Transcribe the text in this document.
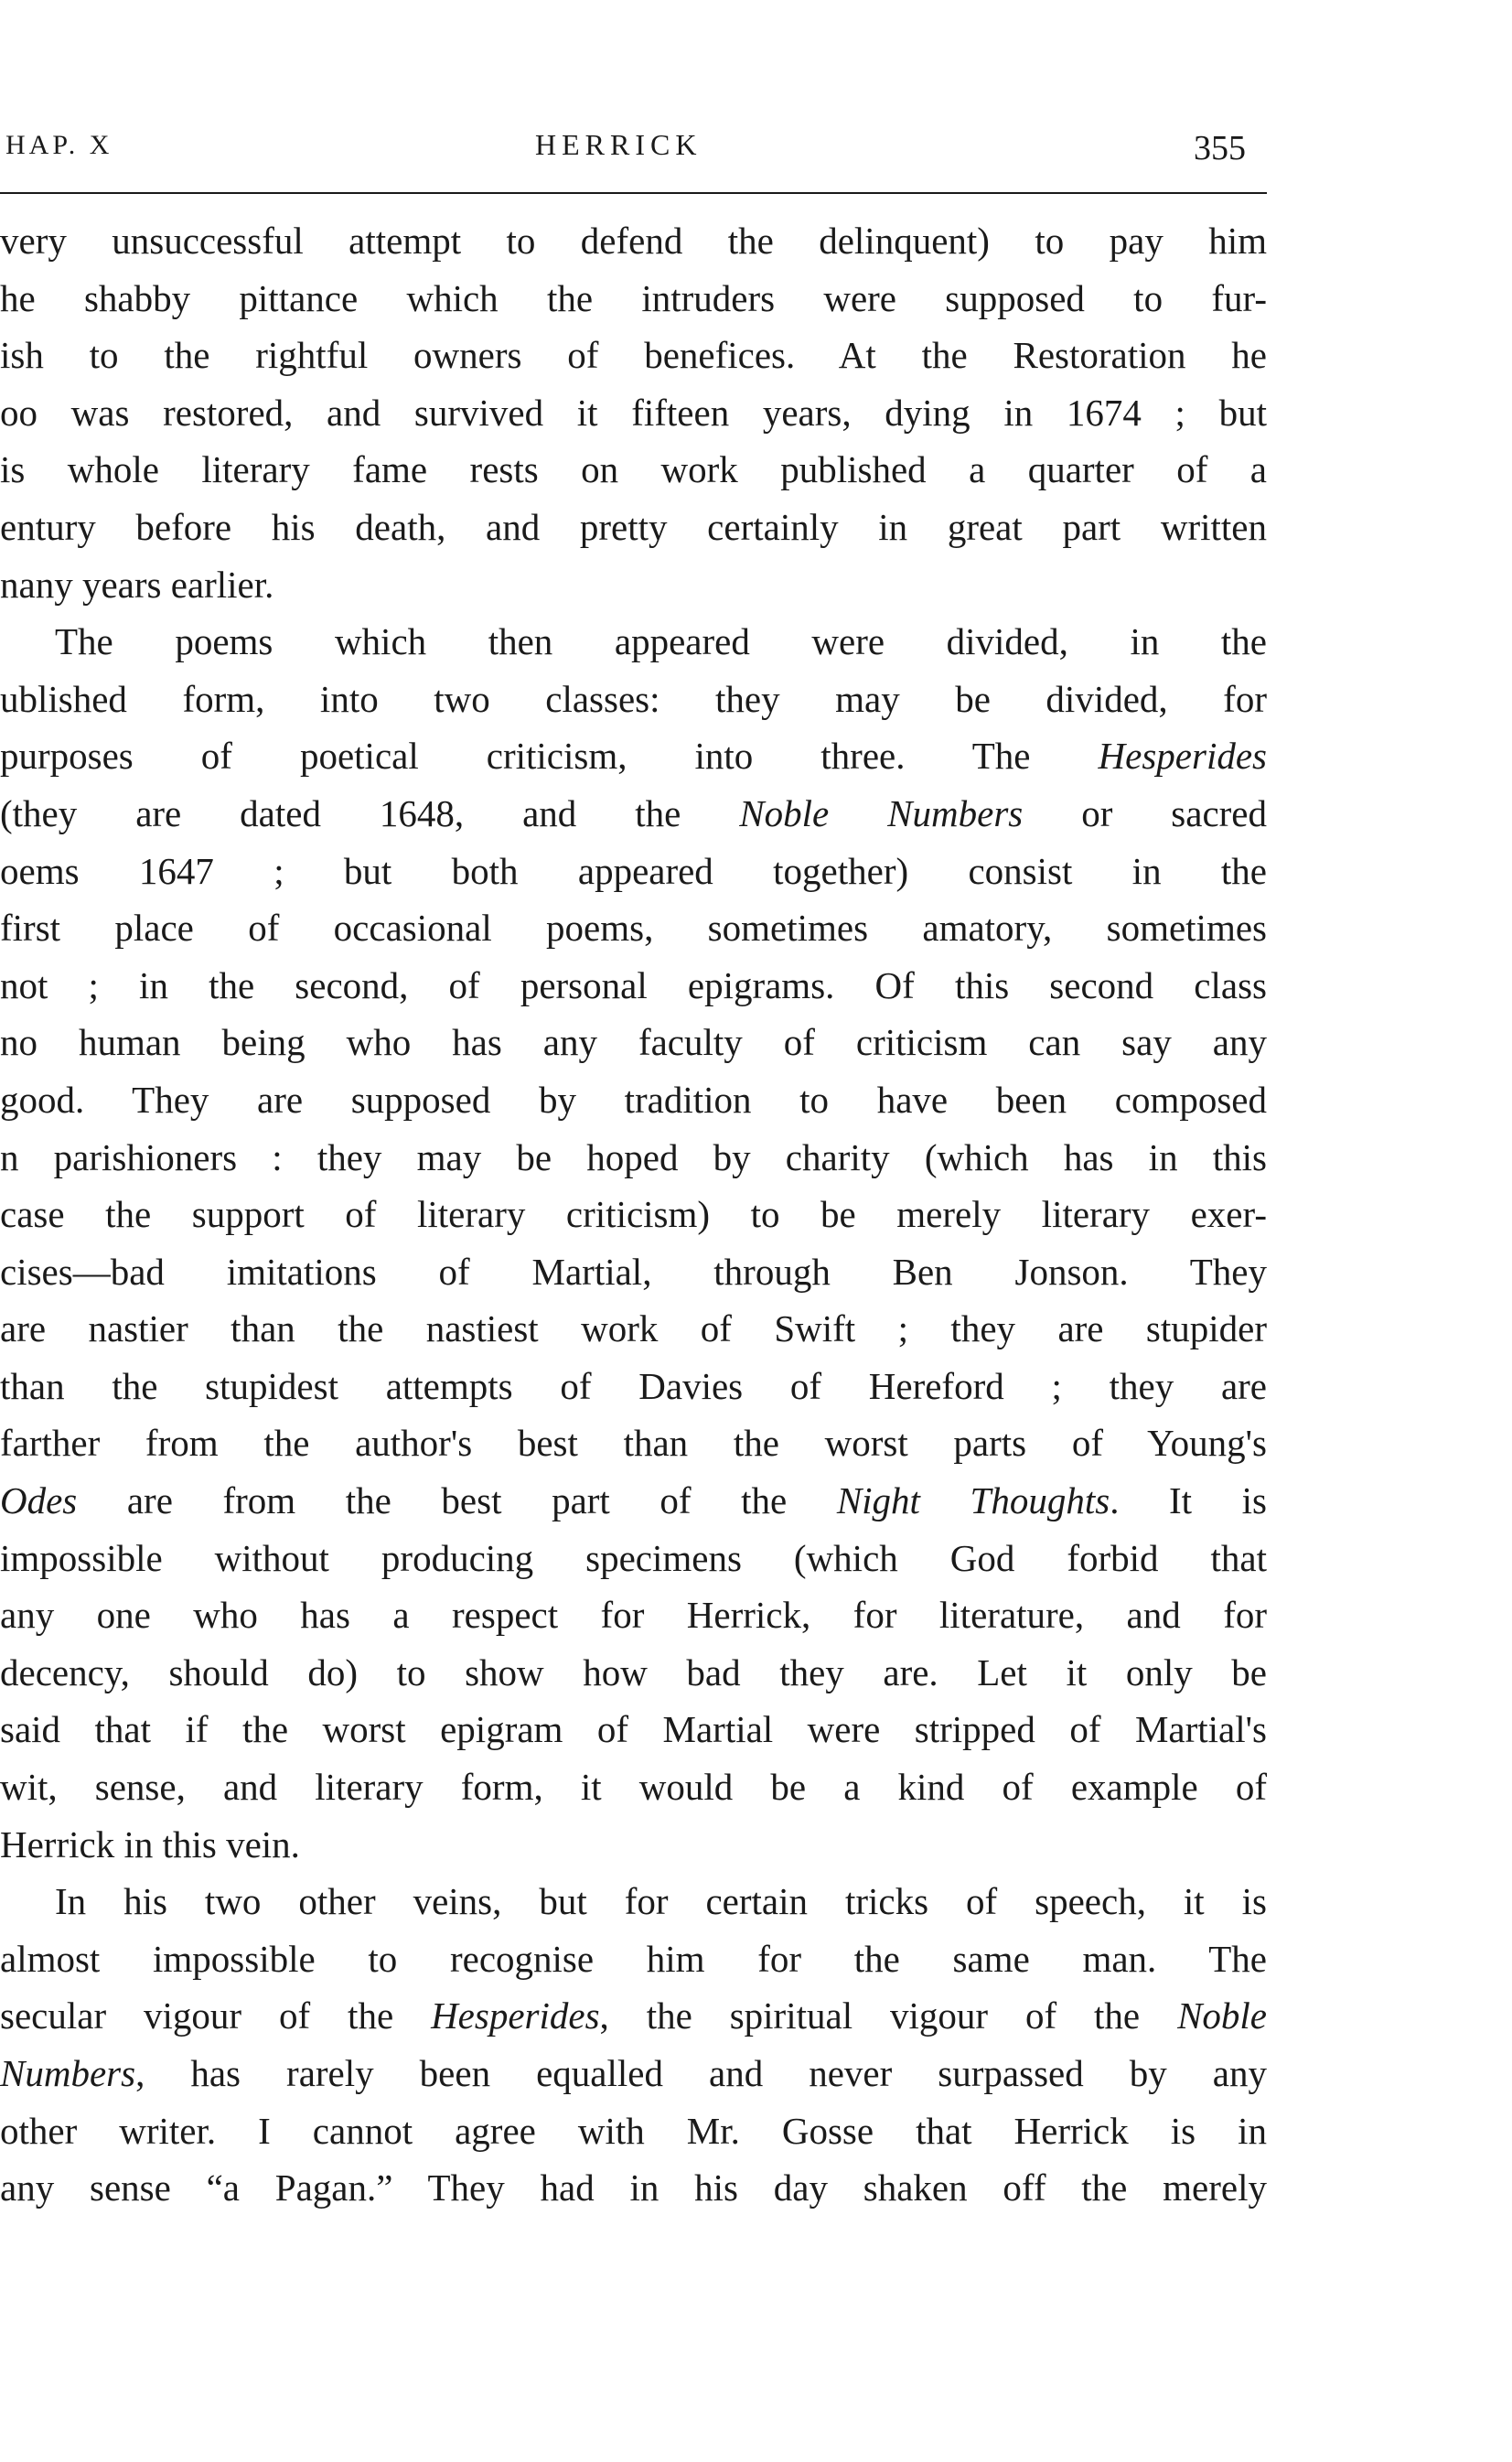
HAP. X	HERRICK	355
very unsuccessful attempt to defend the delinquent) to pay him
he shabby pittance which the intruders were supposed to fur-
ish to the rightful owners of benefices. At the Restoration he
oo was restored, and survived it fifteen years, dying in 1674 ; but
is whole literary fame rests on work published a quarter of a
entury before his death, and pretty certainly in great part written
nany years earlier.
The poems which then appeared were divided, in the
ublished form, into two classes: they may be divided, for
purposes of poetical criticism, into three. The Hesperides
(they are dated 1648, and the Noble Numbers or sacred
oems 1647 ; but both appeared together) consist in the
first place of occasional poems, sometimes amatory, sometimes
not ; in the second, of personal epigrams. Of this second class
no human being who has any faculty of criticism can say any
good. They are supposed by tradition to have been composed
n parishioners : they may be hoped by charity (which has in this
case the support of literary criticism) to be merely literary exer-
cises—bad imitations of Martial, through Ben Jonson. They
are nastier than the nastiest work of Swift ; they are stupider
than the stupidest attempts of Davies of Hereford ; they are
farther from the author's best than the worst parts of Young's
Odes are from the best part of the Night Thoughts. It is
impossible without producing specimens (which God forbid that
any one who has a respect for Herrick, for literature, and for
decency, should do) to show how bad they are. Let it only be
said that if the worst epigram of Martial were stripped of Martial's
wit, sense, and literary form, it would be a kind of example of
Herrick in this vein.
In his two other veins, but for certain tricks of speech, it is
almost impossible to recognise him for the same man. The
secular vigour of the Hesperides, the spiritual vigour of the Noble
Numbers, has rarely been equalled and never surpassed by any
other writer. I cannot agree with Mr. Gosse that Herrick is in
any sense “a Pagan.” They had in his day shaken off the merely
